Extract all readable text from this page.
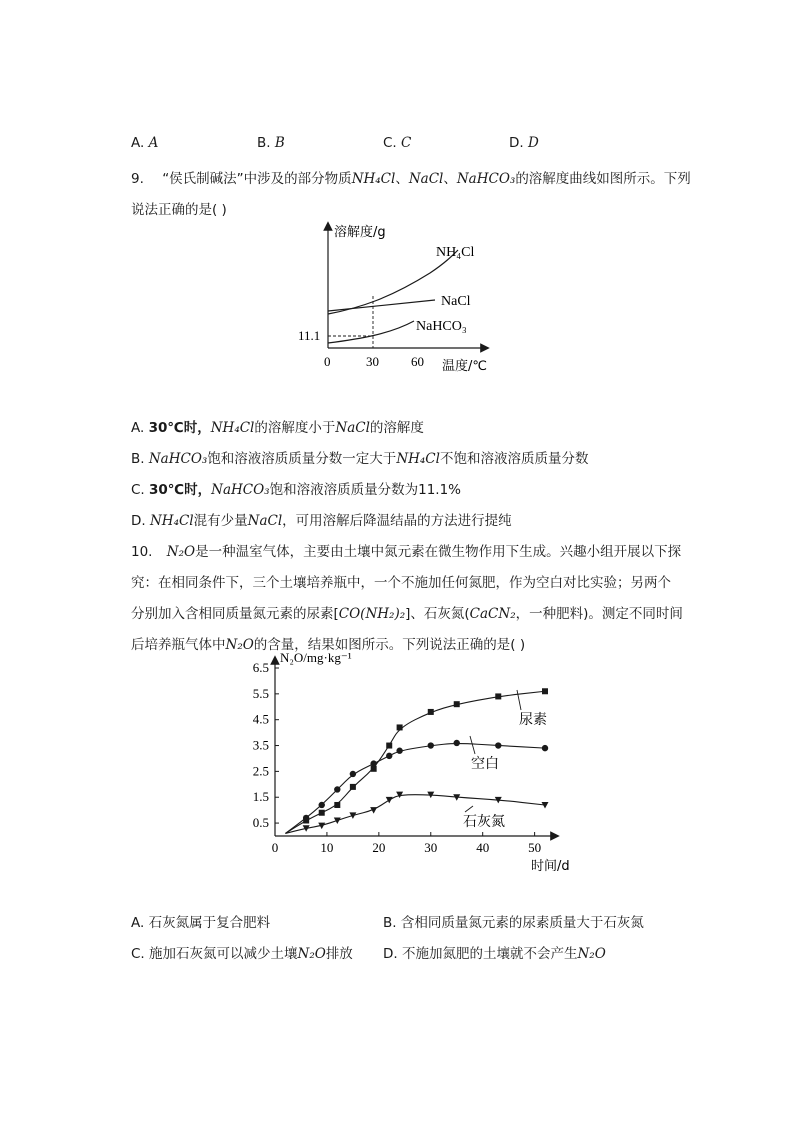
A. A	B. B	C. C	D. D
9. “侯氏制碱法”中涉及的部分物质NH₄Cl、NaCl、NaHCO₃的溶解度曲线如图所示。下列
说法正确的是( )
溶解度/g
温度/℃
0	30 60
11.1
NH₄Cl
NaCl
NaHCO₃
A. 30℃时，NH₄Cl的溶解度小于NaCl的溶解度
B. NaHCO₃饱和溶液溶质质量分数一定大于NH₄Cl不饱和溶液溶质质量分数
C. 30℃时，NaHCO₃饱和溶液溶质质量分数为11.1%
D. NH₄Cl混有少量NaCl，可用溶解后降温结晶的方法进行提纯
10. N₂O是一种温室气体，主要由土壤中氮元素在微生物作用下生成。兴趣小组开展以下探
究：在相同条件下，三个土壤培养瓶中，一个不施加任何氮肥，作为空白对比实验；另两个
分别加入含相同质量氮元素的尿素[CO(NH₂)₂]、石灰氮(CaCN₂，一种肥料)。测定不同时间
后培养瓶气体中N₂O的含量，结果如图所示。下列说法正确的是( )
0.5
1.5
2.5
3.5
4.5
5.5
6.5
0	10	20	30	40	50
N₂O/mg·kg⁻¹
时间/d
尿素
空白
石灰氮
A. 石灰氮属于复合肥料	B. 含相同质量氮元素的尿素质量大于石灰氮
C. 施加石灰氮可以减少土壤N₂O排放 D. 不施加氮肥的土壤就不会产生N₂O
